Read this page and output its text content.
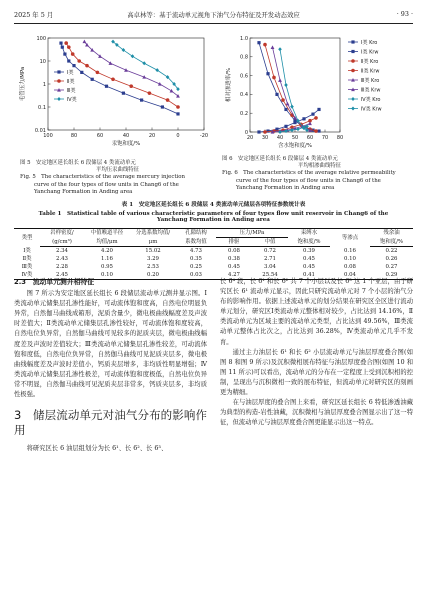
2025 年 5 月	高卓林等：基于流动单元视角下油气分布特征及开发动态效应	· 93 ·
100
10
1
0.1
0.01
100	80	60	40	20	0	-20
汞饱和度/%
毛管压力/MPa	Ⅰ类
Ⅱ类
Ⅲ类
Ⅳ类
0
0.2
0.4
0.6
0.8
1.0
20 30 40 50 60 70 80
含水饱和度/%
相对渗透率/%
Ⅰ类 Kro
Ⅰ类 Krw
Ⅱ类 Kro
Ⅱ类 Krw
Ⅲ类 Kro
Ⅲ类 Krw
Ⅳ类 Kro
Ⅳ类 Krw
图 5　安定地区延长组长 6 段储层 4 类流动单元
平均压汞曲线特征
Fig. 5　The characteristics of the average mercury injection
curve of the four types of flow units in Chang6 of the
Yanchang Formation in Anding area
图 6　安定地区延长组长 6 段储层 4 类流动单元
平均相渗曲线特征
Fig. 6　The characteristics of the average relative permeability
curve of the four types of flow units in Chang6 of the
Yanchang Formation in Anding area
表 1　安定地区延长组长 6 段储层 4 类流动单元储层各项特征参数统计表
Table 1　Statistical table of various characteristic parameters of four types flow unit reservoir in Chang6 of the
Yanchang Formation in Anding area
类型	岩样密度/	中值喉道半径	分选系数均值/	孔隙结构	压力/MPa		束缚水	等渗点	残余油
	(g/cm³)	均值/μm	μm	系数均值	排驱	中值	饱和度/%		饱和度/%
Ⅰ类	2.34	4.20	15.02	4.73	0.08	0.72	0.39	0.16	0.22
Ⅱ类	2.43	1.16	3.29	0.35	0.38	2.71	0.45	0.10	0.26
Ⅲ类	2.28	0.95	2.53	0.25	0.45	3.04	0.45	0.08	0.27
Ⅳ类	2.45	0.10	0.20	0.03	4.27	25.54	0.41	0.04	0.29
2.3　流动单元测井相特征

图 7 所示为安定地区延长组长 6 段储层流动单元测井显示图。Ⅰ类流动单元储集层孔渗性能好，可动流体饱和度高，自然电位明显负异常，自然伽马曲线成箱形，泥质含量少，微电极曲线幅度差及声波时差值大；Ⅱ类流动单元储集层孔渗性较好，可动流体饱和度较高，自然电位负异常，自然伽马曲线可见较多的泥质夹层，微电极曲线幅度差及声波时差值较大；Ⅲ类流动单元储集层孔渗性较差，可动流体饱和度低，自然电位负异常，自然伽马曲线可见泥质夹层多，微电极曲线幅度差及声波时差值小，钙质夹层增多，非均质性明显增强；Ⅳ类流动单元储集层孔渗性极差，可动流体饱和度极低，自然电位负异常不明显，自然伽马曲线可见泥质夹层非常多，钙质夹层多，非均质性极强。

3　储层流动单元对油气分布的影响作用

将研究区长 6 油层组划分为长 6¹、长 6²、长 6³、

长 6⁴ 段，长 6¹ 和长 6² 共 7 个小层以及长 6³ 这 1 个亚层，由于研究区长 6¹ 流动单元显示，因此只研究流动单元对 7 个小层的油气分布的影响作用。依据上述流动单元的划分结果在研究区全区进行流动单元划分，研究区Ⅰ类流动单元整体相对较少，占比达到 14.16%，Ⅱ类流动单元为区域主要的流动单元类型，占比达到 49.56%，Ⅲ类流动单元整体占比次之，占比达到 36.28%，Ⅳ类流动单元几乎不发育。

通过主力油层长 6¹ 和长 6² 小层流动单元与油层厚度叠合图(如图 8 和图 9 所示)及沉积微相展布特征与油层厚度叠合图(如图 10 和图 11 所示)可以看出，流动单元的分布在一定程度上受到沉积相的控制，呈现出与沉积微相一致的展布特征，但流动单元对研究区的刻画更为精细。

在与油层厚度的叠合图上来看，研究区延长组长 6 特低渗透油藏为典型的构造-岩性油藏，沉积微相与油层厚度叠合图显示出了这一特征，但流动单元与油层厚度叠合图更能显示出这一特点。
